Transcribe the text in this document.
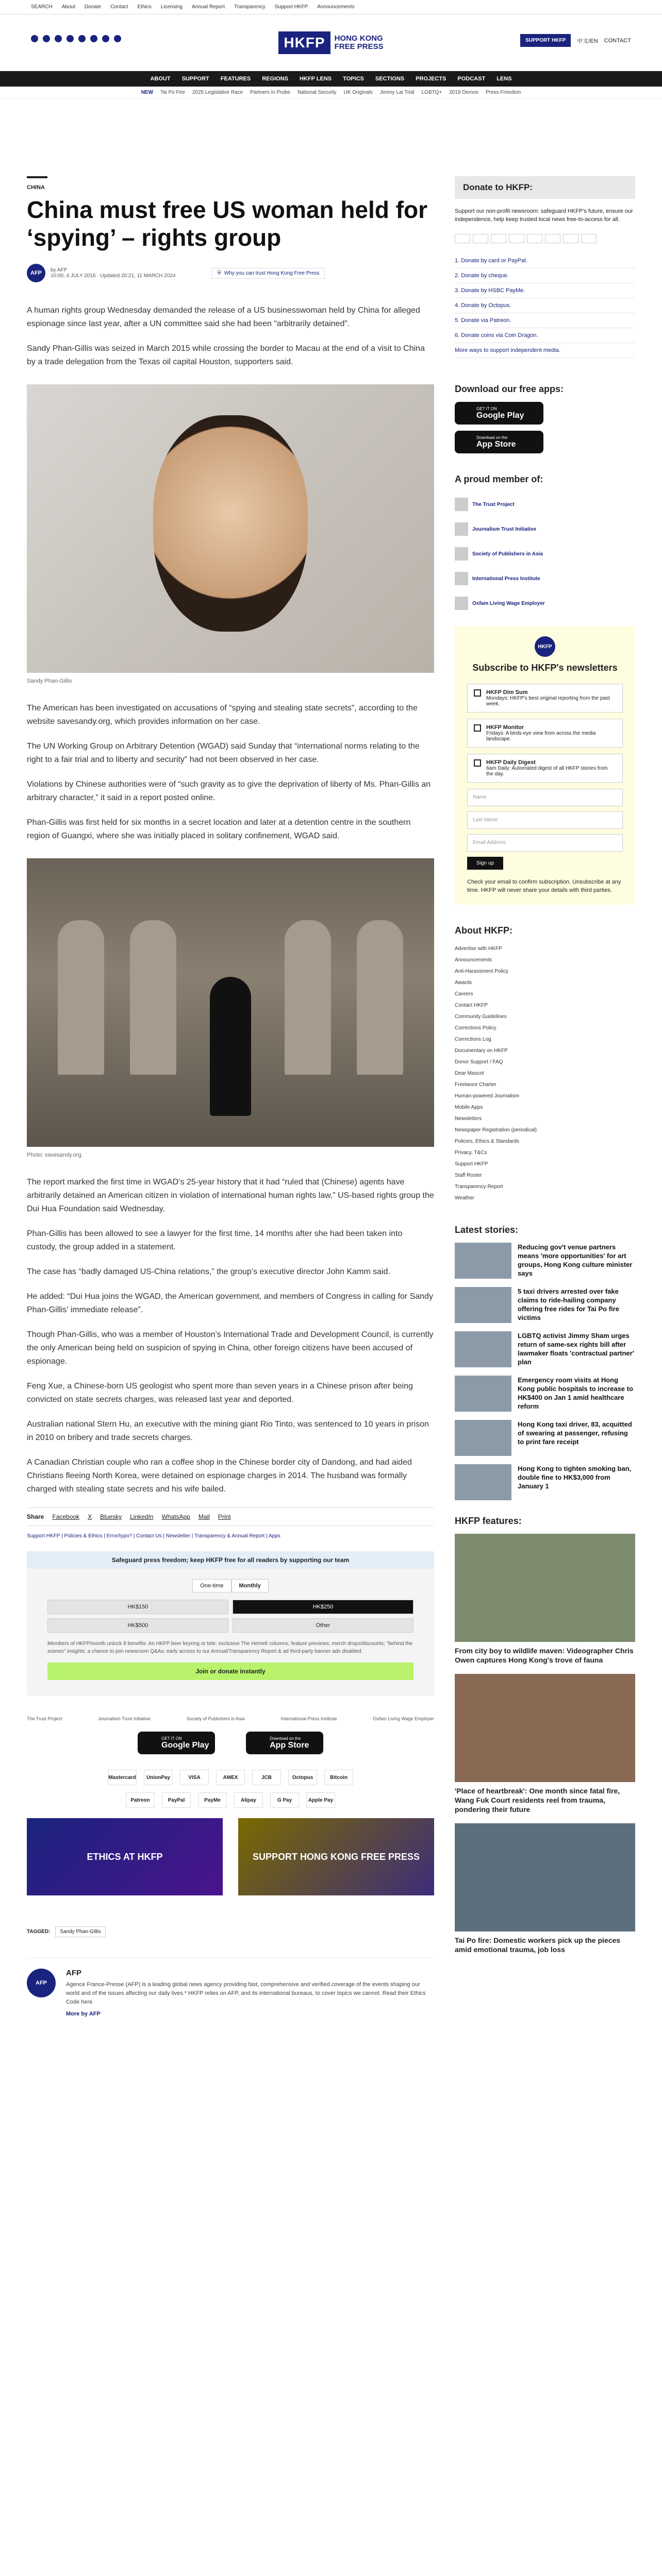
SEARCH About Donate Contact Ethics Licensing Annual Report Transparency Support HKFP Announcements
HKFP	HONG KONG
FREE PRESS
SUPPORT HKFP	中文/EN CONTACT
ABOUT SUPPORT FEATURES REGIONS HKFP LENS TOPICS SECTIONS PROJECTS PODCAST LENS
NEW Tai Po Fire 2025 Legislative Race Partners in Probe National Security UK Originals Jimmy Lai Trial LGBTQ+ 2019 Demos Press Freedom
CHINA
China must free US woman held for ‘spying’ – rights group
AFP	by AFP
10:00, 4 JULY 2016 · Updated 20:21, 11 MARCH 2024	⛨ Why you can trust Hong Kong Free Press

A human rights group Wednesday demanded the release of a US businesswoman held by China for alleged espionage since last year, after a UN committee said she had been “arbitrarily detained”.

Sandy Phan-Gillis was seized in March 2015 while crossing the border to Macau at the end of a visit to China by a trade delegation from the Texas oil capital Houston, supporters said.

Sandy Phan-Gillis

The American has been investigated on accusations of “spying and stealing state secrets”, according to the website savesandy.org, which provides information on her case.

The UN Working Group on Arbitrary Detention (WGAD) said Sunday that “international norms relating to the right to a fair trial and to liberty and security” had not been observed in her case.

Violations by Chinese authorities were of “such gravity as to give the deprivation of liberty of Ms. Phan-Gillis an arbitrary character,” it said in a report posted online.

Phan-Gillis was first held for six months in a secret location and later at a detention centre in the southern region of Guangxi, where she was initially placed in solitary confinement, WGAD said.

Photo: savesandy.org.

The report marked the first time in WGAD’s 25-year history that it had “ruled that (Chinese) agents have arbitrarily detained an American citizen in violation of international human rights law,” US-based rights group the Dui Hua Foundation said Wednesday.

Phan-Gillis has been allowed to see a lawyer for the first time, 14 months after she had been taken into custody, the group added in a statement.

The case has “badly damaged US-China relations,” the group’s executive director John Kamm said.

He added: “Dui Hua joins the WGAD, the American government, and members of Congress in calling for Sandy Phan-Gillis’ immediate release”.

Though Phan-Gillis, who was a member of Houston’s International Trade and Development Council, is currently the only American being held on suspicion of spying in China, other foreign citizens have been accused of espionage.

Feng Xue, a Chinese-born US geologist who spent more than seven years in a Chinese prison after being convicted on state secrets charges, was released last year and deported.

Australian national Stern Hu, an executive with the mining giant Rio Tinto, was sentenced to 10 years in prison in 2010 on bribery and trade secrets charges.

A Canadian Christian couple who ran a coffee shop in the Chinese border city of Dandong, and had aided Christians fleeing North Korea, were detained on espionage charges in 2014. The husband was formally charged with stealing state secrets and his wife bailed.

Share Facebook X Bluesky LinkedIn WhatsApp Mail Print
Support HKFP | Policies & Ethics | Error/typo? | Contact Us | Newsletter | Transparency & Annual Report | Apps
Safeguard press freedom; keep HKFP free for all readers by supporting our team
One-time	Monthly
HK$150	HK$250
HK$500	Other
Members of HKFP/month unlock 8 benefits: An HKFP beer keyring or tote; exclusive The Hemelt columns; feature previews; merch drops/discounts; "behind the scenes" insights; a chance to join newsroom Q&As; early access to our Annual/Transparency Report & ad third-party banner ads disabled.
Join or donate instantly
The Trust Project	Journalism Trust Initiative	Society of Publishers in Asia	International Press Institute	Oxfam Living Wage Employer
GET IT ON
Google Play
Download on the
App Store
Mastercard	UnionPay	VISA	AMEX	JCB	Octopus	Bitcoin
Patreon	PayPal	PayMe	Alipay	G Pay	Apple Pay
ETHICS AT HKFP	SUPPORT HONG KONG FREE PRESS
TAGGED:	Sandy Phan-Gillis
AFP
AFP

Agence France-Presse (AFP) is a leading global news agency providing fast, comprehensive and verified coverage of the events shaping our world and of the issues affecting our daily lives.* HKFP relies on AFP, and its international bureaus, to cover topics we cannot. Read their Ethics Code here

More by AFP

Donate to HKFP:

Support our non-profit newsroom: safeguard HKFP's future, ensure our independence, help keep trusted local news free-to-access for all.

1. Donate by card or PayPal.
2. Donate by cheque.
3. Donate by HSBC PayMe.
4. Donate by Octopus.
5. Donate via Patreon.
6. Donate coins via Coin Dragon.
More ways to support independent media.
Download our free apps:
GET IT ON
Google Play
Download on the
App Store
A proud member of:
The Trust Project
Journalism Trust Initiative
Society of Publishers in Asia
International Press Institute
Oxfam Living Wage Employer
HKFP
Subscribe to HKFP's newsletters
HKFP Dim Sum
Mondays: HKFP's best original reporting from the past week.
HKFP Monitor
Fridays: A birds-eye view from across the media landscape.
HKFP Daily Digest
6am Daily: Automated digest of all HKFP stories from the day.
Name
Last Name
Email Address
Sign up

Check your email to confirm subscription. Unsubscribe at any time. HKFP will never share your details with third parties.

About HKFP:
Advertise with HKFP
Announcements
Anti-Harassment Policy
Awards
Careers
Contact HKFP
Community Guidelines
Corrections Policy
Corrections Log
Documentary on HKFP
Donor Support / FAQ
Dear Mascot
Freelance Charter
Human-powered Journalism
Mobile Apps
Newsletters
Newspaper Registration (periodical)
Policies, Ethics & Standards
Privacy, T&Cs
Support HKFP
Staff Roster
Transparency Report
Weather
Latest stories:
Reducing gov't venue partners means 'more opportunities' for art groups, Hong Kong culture minister says
5 taxi drivers arrested over fake claims to ride-hailing company offering free rides for Tai Po fire victims
LGBTQ activist Jimmy Sham urges return of same-sex rights bill after lawmaker floats 'contractual partner' plan
Emergency room visits at Hong Kong public hospitals to increase to HK$400 on Jan 1 amid healthcare reform
Hong Kong taxi driver, 83, acquitted of swearing at passenger, refusing to print fare receipt
Hong Kong to tighten smoking ban, double fine to HK$3,000 from January 1
HKFP features:
From city boy to wildlife maven: Videographer Chris Owen captures Hong Kong's trove of fauna
'Place of heartbreak': One month since fatal fire, Wang Fuk Court residents reel from trauma, pondering their future
Tai Po fire: Domestic workers pick up the pieces amid emotional trauma, job loss
